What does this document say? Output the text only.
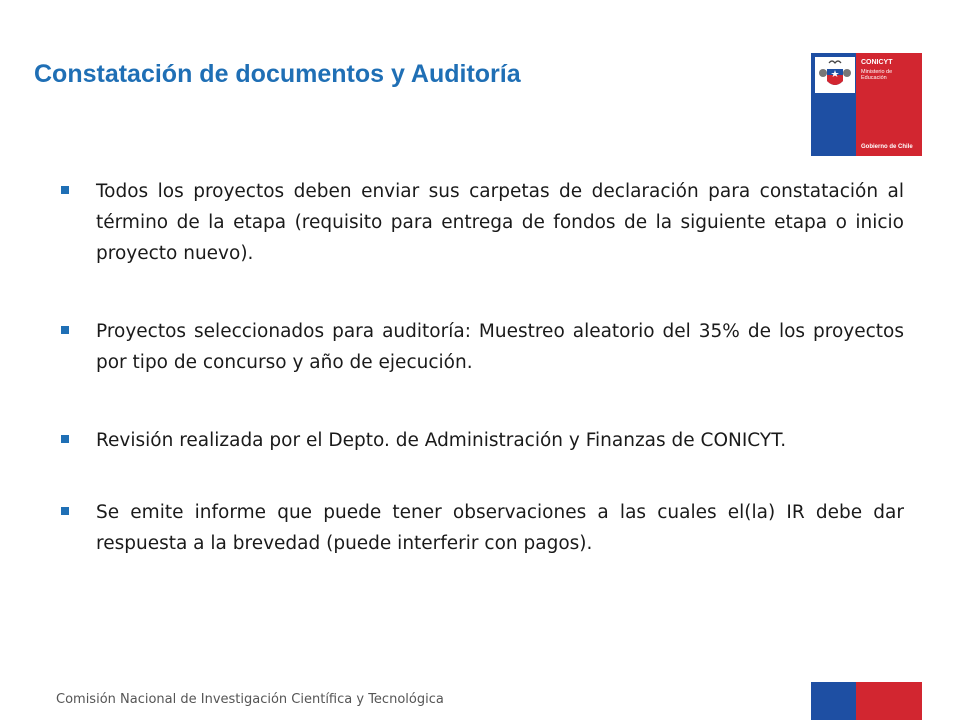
Constatación de documentos y Auditoría	CONICYT
Ministerio de Educación
Gobierno de Chile
Todos los proyectos deben enviar sus carpetas de declaración para constatación al término de la etapa (requisito para entrega de fondos de la siguiente etapa o inicio proyecto nuevo).
Proyectos seleccionados para auditoría: Muestreo aleatorio del 35% de los proyectos por tipo de concurso y año de ejecución.
Revisión realizada por el Depto. de Administración y Finanzas de CONICYT.
Se emite informe que puede tener observaciones a las cuales el(la) IR debe dar respuesta a la brevedad (puede interferir con pagos).
Comisión Nacional de Investigación Científica y Tecnológica
